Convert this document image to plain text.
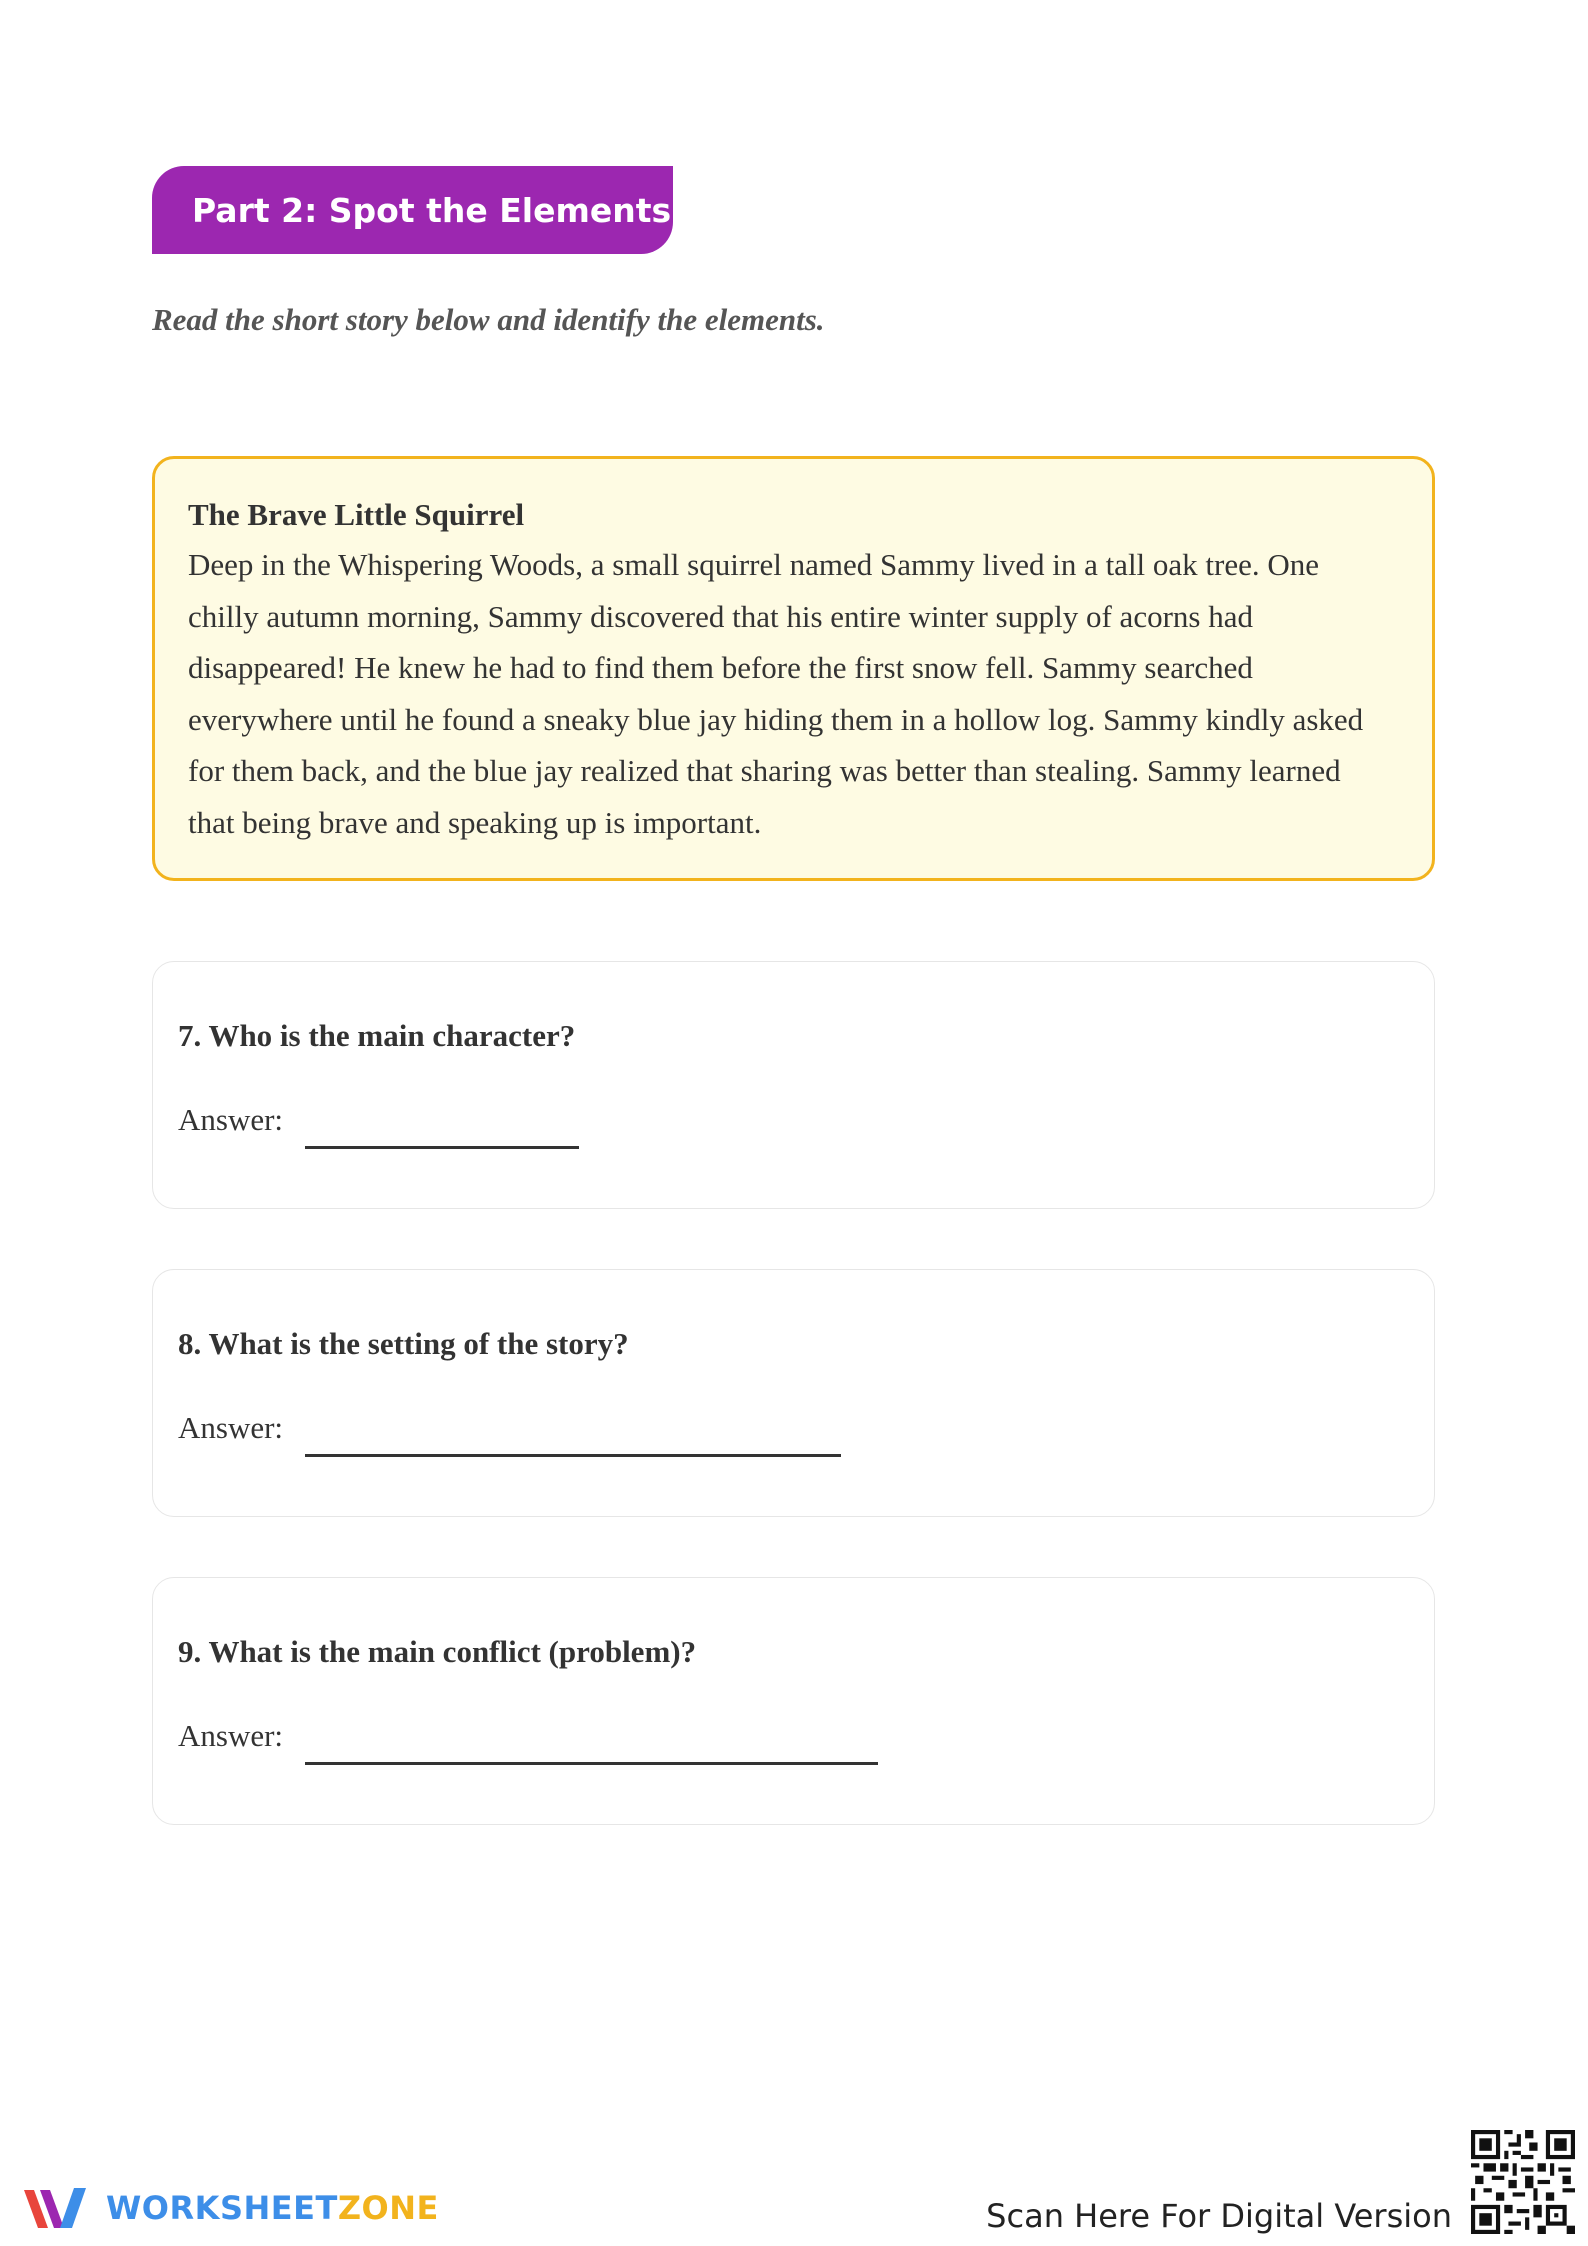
Part 2: Spot the Elements
Read the short story below and identify the elements.
The Brave Little Squirrel
Deep in the Whispering Woods, a small squirrel named Sammy lived in a tall oak tree. One
chilly autumn morning, Sammy discovered that his entire winter supply of acorns had
disappeared! He knew he had to find them before the first snow fell. Sammy searched
everywhere until he found a sneaky blue jay hiding them in a hollow log. Sammy kindly asked
for them back, and the blue jay realized that sharing was better than stealing. Sammy learned
that being brave and speaking up is important.
7. Who is the main character?
Answer:
8. What is the setting of the story?
Answer:
9. What is the main conflict (problem)?
Answer:
WORKSHEETZONE	Scan Here For Digital Version
